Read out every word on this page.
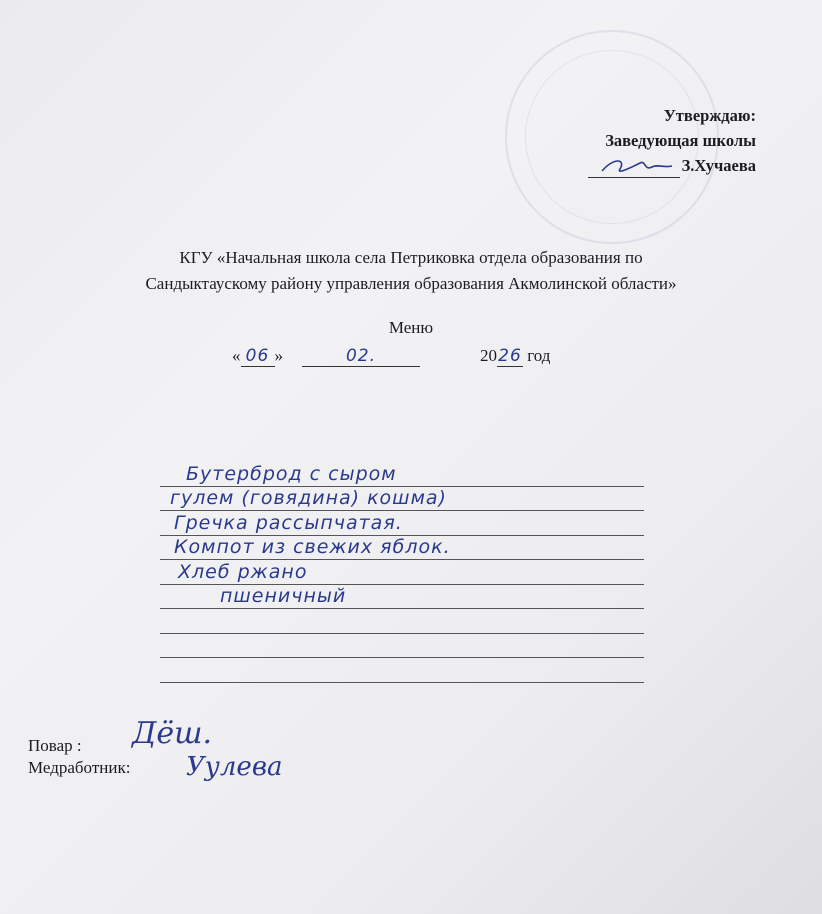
Утверждаю:
Заведующая школы
З.Хучаева
КГУ «Начальная школа села Петриковка отдела образования по
Сандыктаускому району управления образования Акмолинской области»
Меню
« 06 »	02.	2026 год
Бутерброд с сыром
гулем (говядина) кошма)
Гречка рассыпчатая.
Компот из свежих яблок.
Хлеб ржано
пшеничный
Повар :
Медработник:
Дёш.
Уулева
